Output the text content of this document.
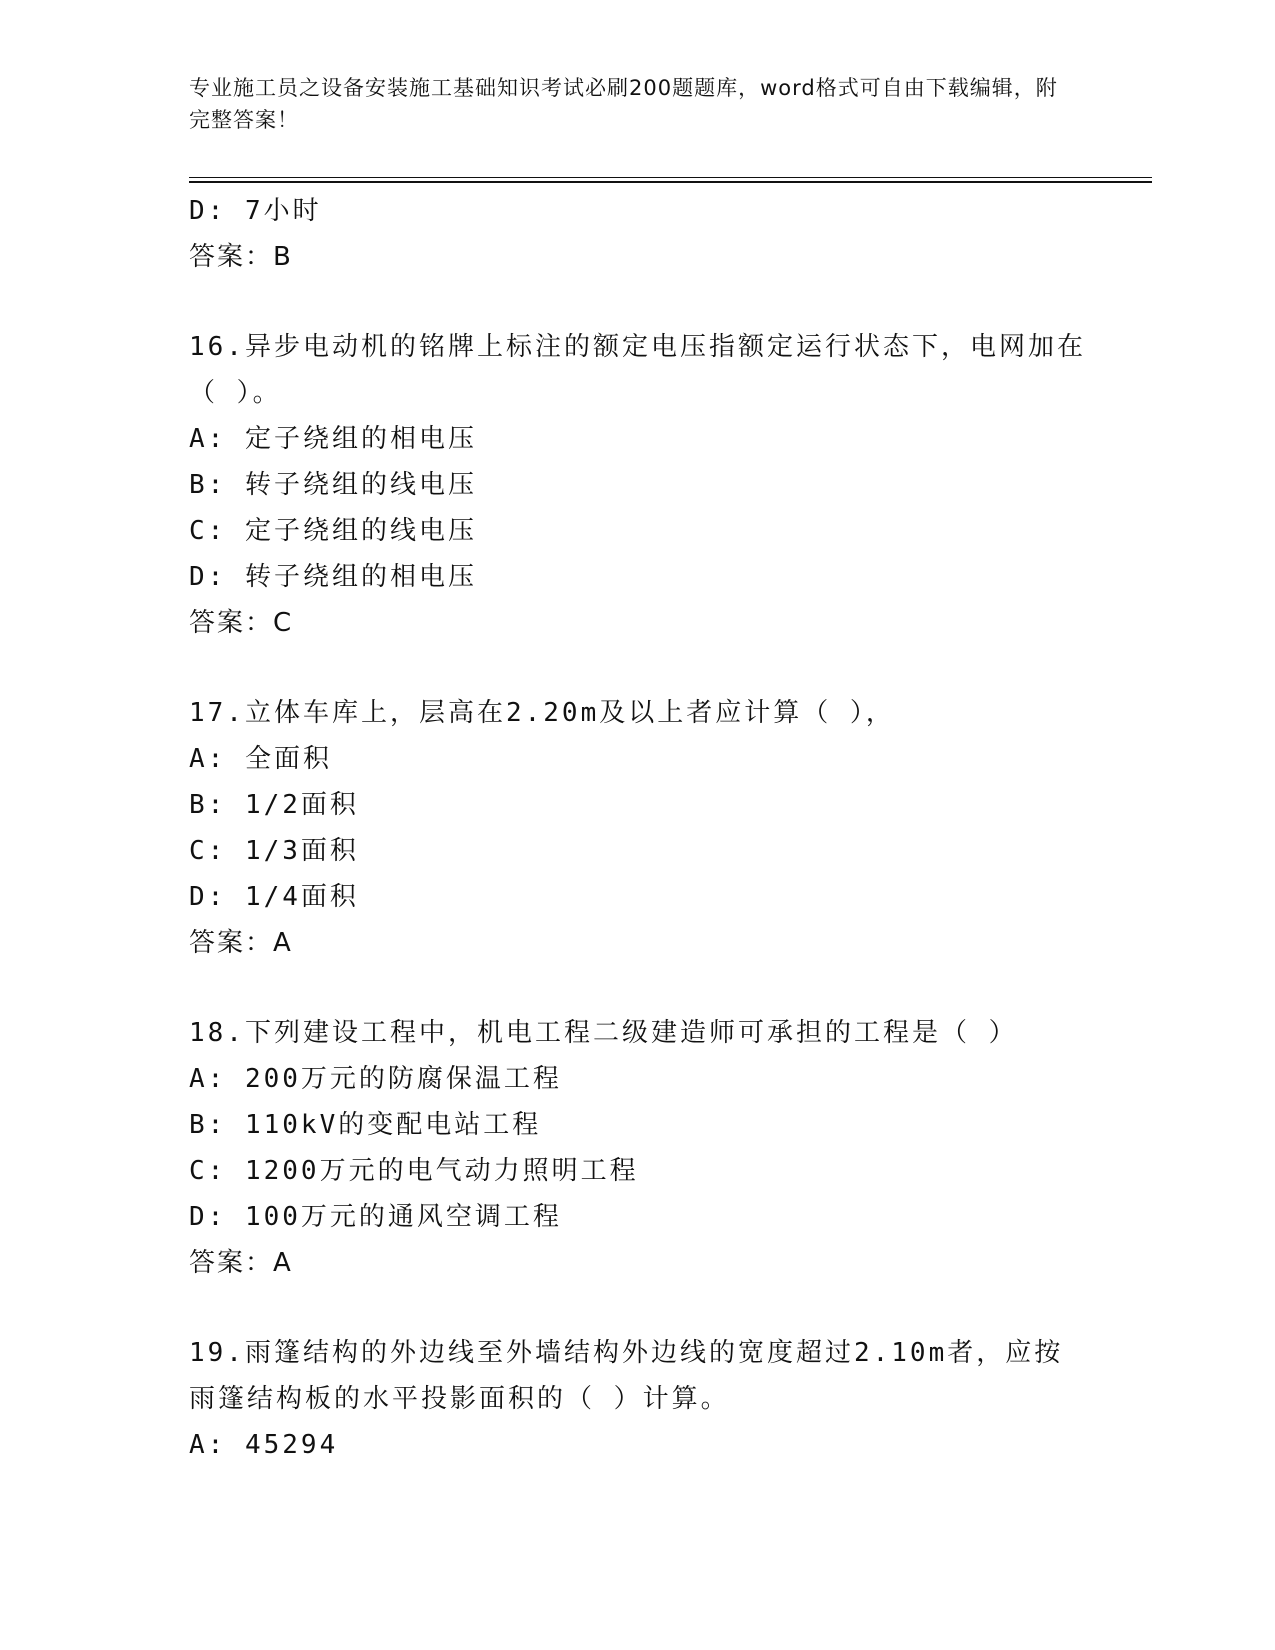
专业施工员之设备安装施工基础知识考试必刷200题题库，word格式可自由下载编辑，附完整答案！
D: 7小时
答案：B
16.异步电动机的铭牌上标注的额定电压指额定运行状态下，电网加在（ ）。
A: 定子绕组的相电压
B: 转子绕组的线电压
C: 定子绕组的线电压
D: 转子绕组的相电压
答案：C
17.立体车库上，层高在2.20m及以上者应计算（ ），
A: 全面积
B: 1/2面积
C: 1/3面积
D: 1/4面积
答案：A
18.下列建设工程中，机电工程二级建造师可承担的工程是（ ）
A: 200万元的防腐保温工程
B: 110kV的变配电站工程
C: 1200万元的电气动力照明工程
D: 100万元的通风空调工程
答案：A
19.雨篷结构的外边线至外墙结构外边线的宽度超过2.10m者，应按雨篷结构板的水平投影面积的（ ）计算。
A: 45294
